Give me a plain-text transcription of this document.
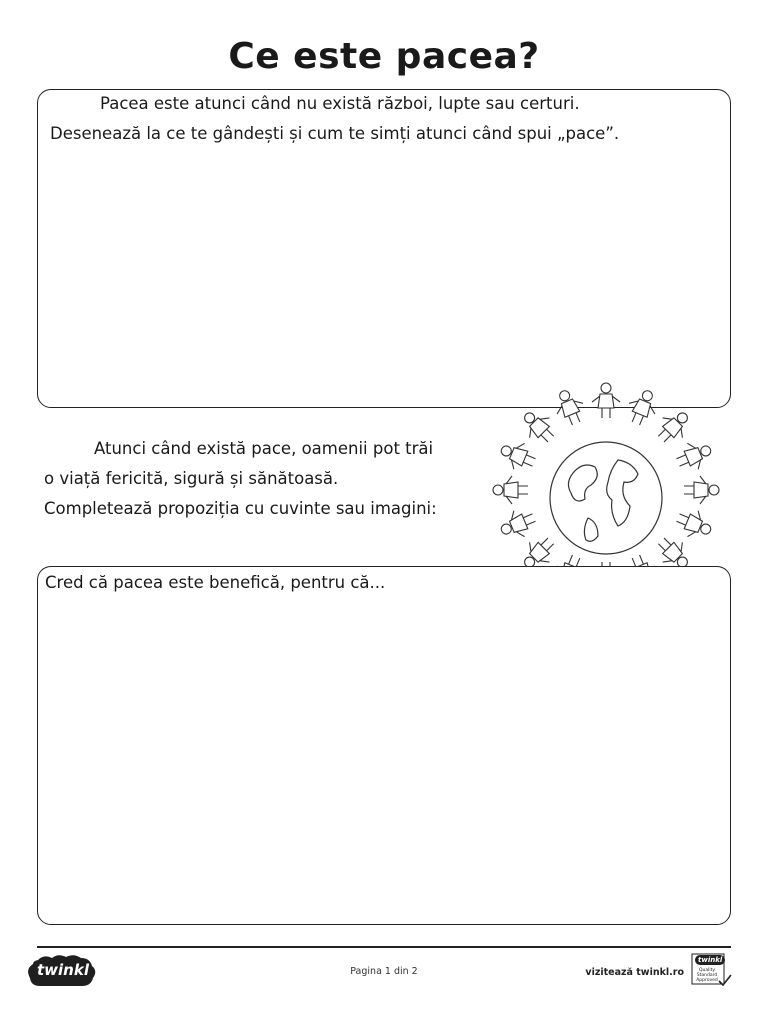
Ce este pacea?
Pacea este atunci când nu există război, lupte sau certuri.
Desenează la ce te gândești și cum te simți atunci când spui „pace”.
Atunci când există pace, oamenii pot trăi
o viață fericită, sigură și sănătoasă.
Completează propoziția cu cuvinte sau imagini:
Cred că pacea este benefică, pentru că...
twinkl	Pagina 1 din 2	vizitează twinkl.ro
twinkl
Quality Standard Approved
